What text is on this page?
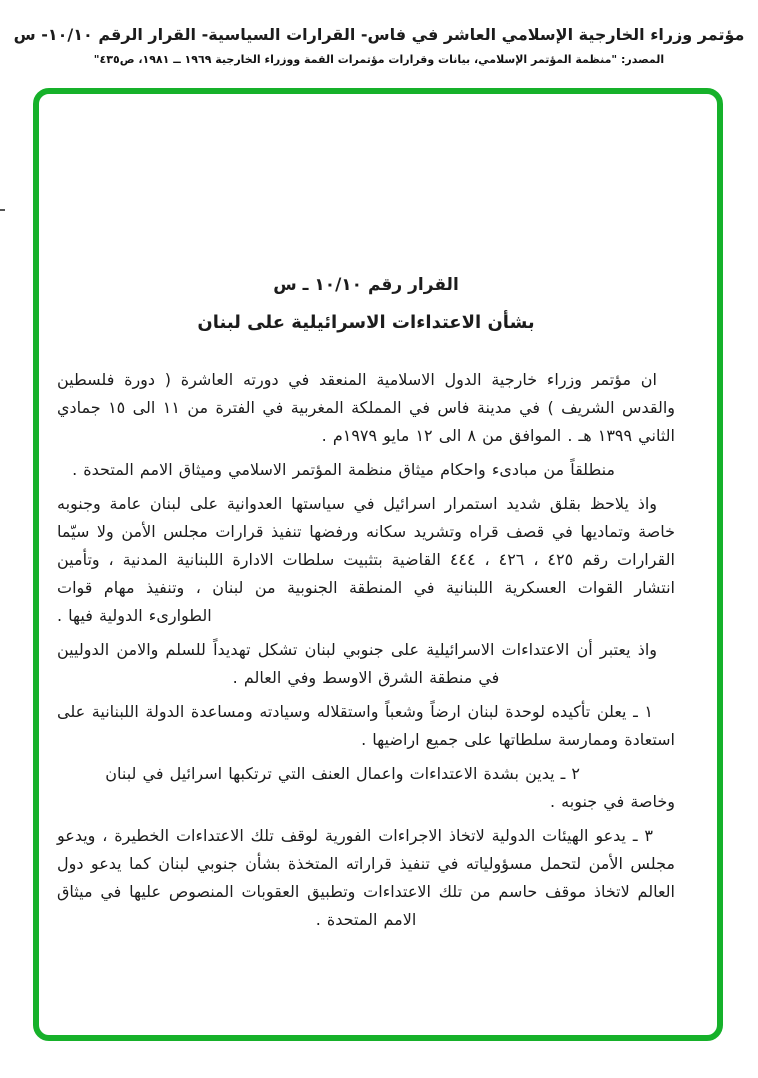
مؤتمر وزراء الخارجية الإسلامي العاشر في فاس- القرارات السياسية- القرار الرقم ١٠/١٠- س
المصدر: "منظمة المؤتمر الإسلامي، بيانات وقرارات مؤتمرات القمة ووزراء الخارجية ١٩٦٩ ــ ١٩٨١، ص٤٣٥"
القرار رقم ١٠/١٠ ـ س
بشأن الاعتداءات الاسرائيلية على لبنان

ان مؤتمر وزراء خارجية الدول الاسلامية المنعقد في دورته العاشرة ( دورة فلسطين والقدس الشريف ) في مدينة فاس في المملكة المغربية في الفترة من ١١ الى ١٥ جمادي الثاني ١٣٩٩ هـ . الموافق من ٨ الى ١٢ مايو ١٩٧٩م .

منطلقاً من مبادىء واحكام ميثاق منظمة المؤتمر الاسلامي وميثاق الامم المتحدة .

واذ يلاحظ بقلق شديد استمرار اسرائيل في سياستها العدوانية على لبنان عامة وجنوبه خاصة وتماديها في قصف قراه وتشريد سكانه ورفضها تنفيذ قرارات مجلس الأمن ولا سيّما القرارات رقم ٤٢٥ ، ٤٢٦ ، ٤٤٤ القاضية بتثبيت سلطات الادارة اللبنانية المدنية ، وتأمين انتشار القوات العسكرية اللبنانية في المنطقة الجنوبية من لبنان ، وتنفيذ مهام قوات الطوارىء الدولية فيها .

واذ يعتبر أن الاعتداءات الاسرائيلية على جنوبي لبنان تشكل تهديداً للسلم والامن الدوليين في منطقة الشرق الاوسط وفي العالم .

١ ـ يعلن تأكيده لوحدة لبنان ارضاً وشعباً واستقلاله وسيادته ومساعدة الدولة اللبنانية على استعادة وممارسة سلطاتها على جميع اراضيها .

٢ ـ يدين بشدة الاعتداءات واعمال العنف التي ترتكبها اسرائيل في لبنان وخاصة في جنوبه .

٣ ـ يدعو الهيئات الدولية لاتخاذ الاجراءات الفورية لوقف تلك الاعتداءات الخطيرة ، ويدعو مجلس الأمن لتحمل مسؤولياته في تنفيذ قراراته المتخذة بشأن جنوبي لبنان كما يدعو دول العالم لاتخاذ موقف حاسم من تلك الاعتداءات وتطبيق العقوبات المنصوص عليها في ميثاق الامم المتحدة .
